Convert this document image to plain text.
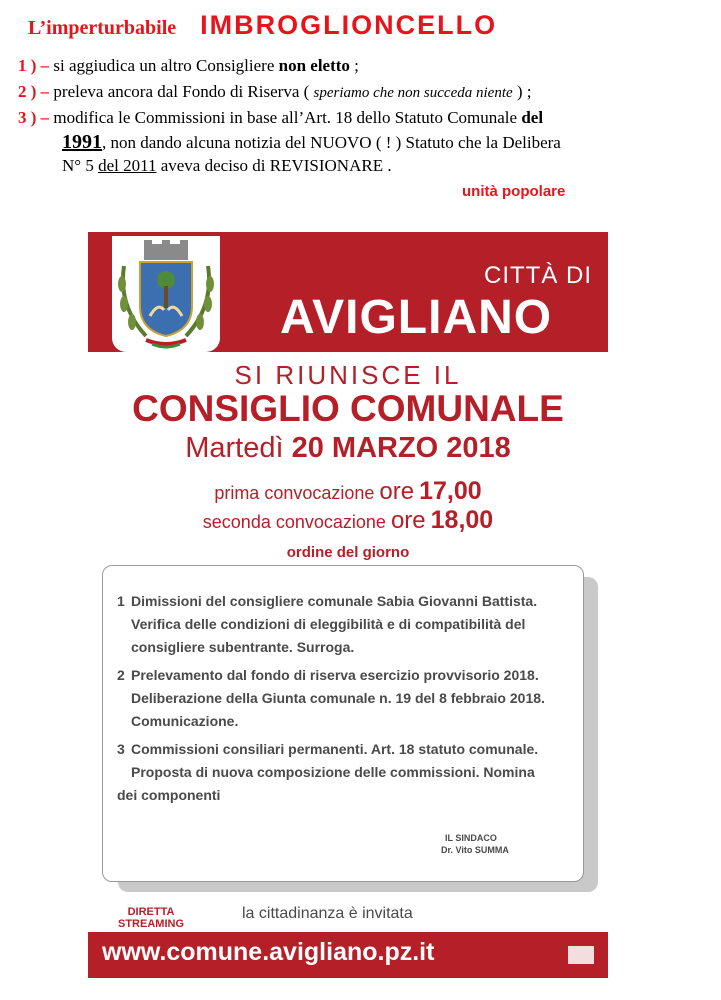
L’imperturbabile IMBROGLIONCELLO
1 ) – si aggiudica un altro Consigliere non eletto ;
2 ) – preleva ancora dal Fondo di Riserva ( speriamo che non succeda niente ) ;
3 ) – modifica le Commissioni in base all’Art. 18 dello Statuto Comunale del
1991, non dando alcuna notizia del NUOVO ( ! ) Statuto che la Delibera
N° 5 del 2011 aveva deciso di REVISIONARE .
unità popolare
CITTÀ DI
AVIGLIANO
SI RIUNISCE IL
CONSIGLIO COMUNALE
Martedì 20 MARZO 2018
prima convocazione ore 17,00
seconda convocazione ore 18,00
ordine del giorno
1 Dimissioni del consigliere comunale Sabia Giovanni Battista.
Verifica delle condizioni di eleggibilità e di compatibilità del
consigliere subentrante. Surroga.
2 Prelevamento dal fondo di riserva esercizio provvisorio 2018.
Deliberazione della Giunta comunale n. 19 del 8 febbraio 2018.
Comunicazione.
3 Commissioni consiliari permanenti. Art. 18 statuto comunale.
Proposta di nuova composizione delle commissioni. Nomina
dei componenti
IL SINDACO
Dr. Vito SUMMA
DIRETTA
STREAMING
la cittadinanza è invitata
www.comune.avigliano.pz.it
